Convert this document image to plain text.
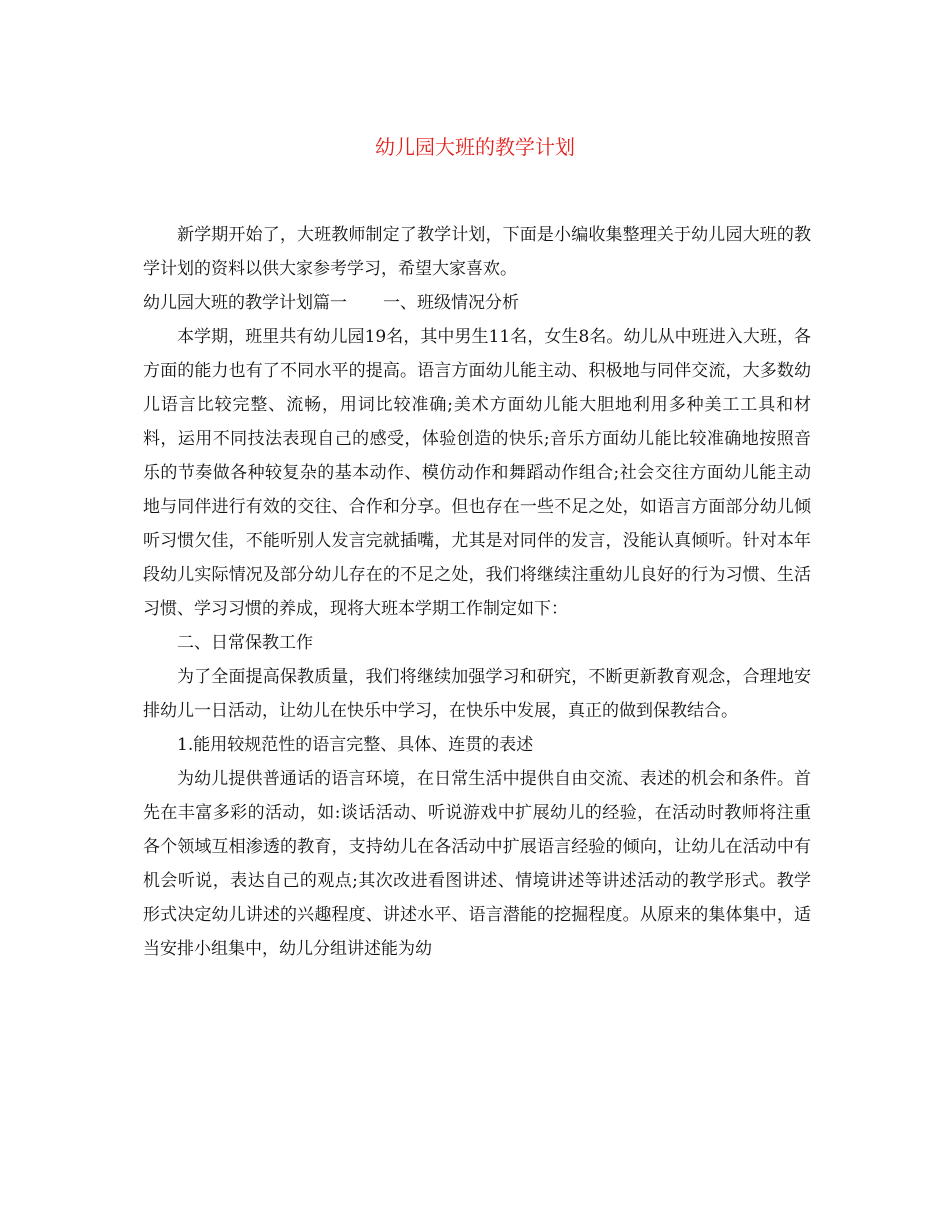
幼儿园大班的教学计划

新学期开始了，大班教师制定了教学计划，下面是小编收集整理关于幼儿园大班的教学计划的资料以供大家参考学习，希望大家喜欢。

幼儿园大班的教学计划篇一 一、班级情况分析

本学期，班里共有幼儿园19名，其中男生11名，女生8名。幼儿从中班进入大班，各方面的能力也有了不同水平的提高。语言方面幼儿能主动、积极地与同伴交流，大多数幼儿语言比较完整、流畅，用词比较准确;美术方面幼儿能大胆地利用多种美工工具和材料，运用不同技法表现自己的感受，体验创造的快乐;音乐方面幼儿能比较准确地按照音乐的节奏做各种较复杂的基本动作、模仿动作和舞蹈动作组合;社会交往方面幼儿能主动地与同伴进行有效的交往、合作和分享。但也存在一些不足之处，如语言方面部分幼儿倾听习惯欠佳，不能听别人发言完就插嘴，尤其是对同伴的发言，没能认真倾听。针对本年段幼儿实际情况及部分幼儿存在的不足之处，我们将继续注重幼儿良好的行为习惯、生活习惯、学习习惯的养成，现将大班本学期工作制定如下：

二、日常保教工作

为了全面提高保教质量，我们将继续加强学习和研究，不断更新教育观念，合理地安排幼儿一日活动，让幼儿在快乐中学习，在快乐中发展，真正的做到保教结合。

1.能用较规范性的语言完整、具体、连贯的表述

为幼儿提供普通话的语言环境，在日常生活中提供自由交流、表述的机会和条件。首先在丰富多彩的活动，如:谈话活动、听说游戏中扩展幼儿的经验，在活动时教师将注重各个领域互相渗透的教育，支持幼儿在各活动中扩展语言经验的倾向，让幼儿在活动中有机会听说，表达自己的观点;其次改进看图讲述、情境讲述等讲述活动的教学形式。教学形式决定幼儿讲述的兴趣程度、讲述水平、语言潜能的挖掘程度。从原来的集体集中，适当安排小组集中，幼儿分组讲述能为幼
